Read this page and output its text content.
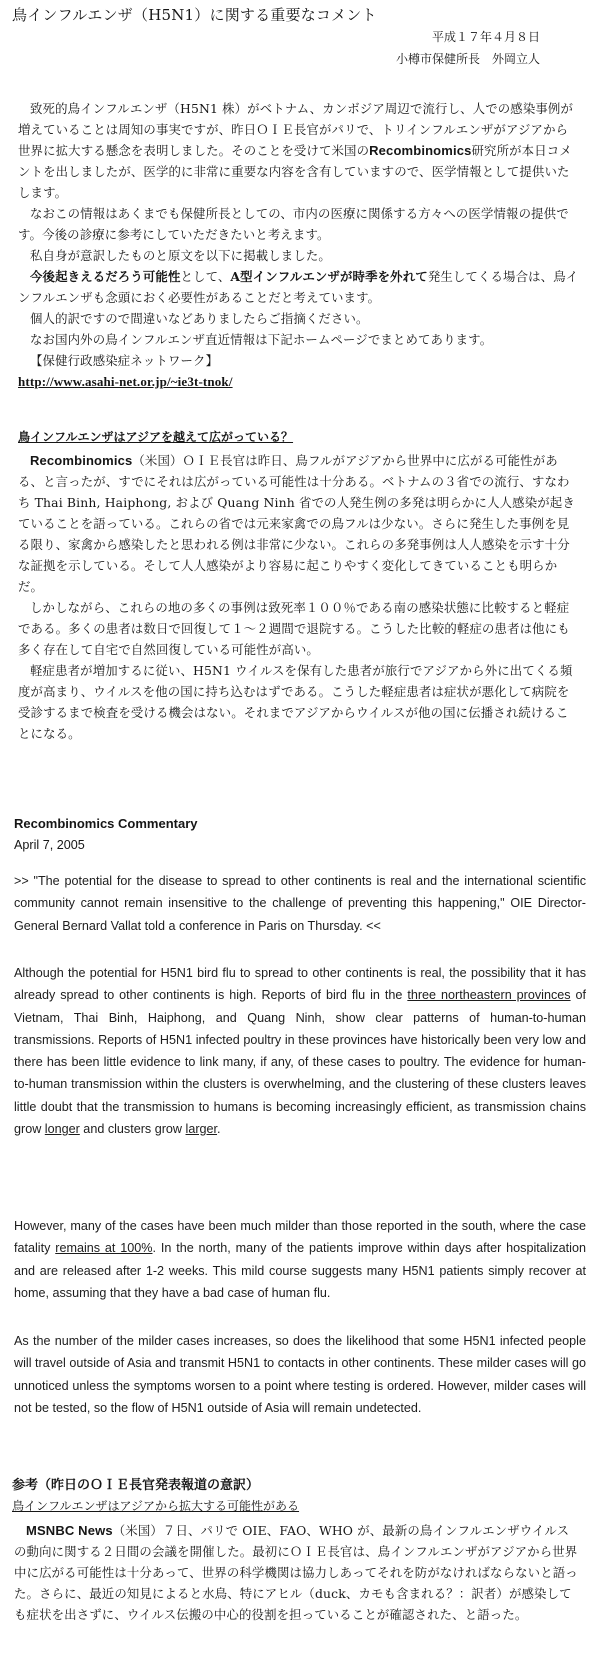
鳥インフルエンザ（H5N1）に関する重要なコメント
平成１７年４月８日
小樽市保健所長　外岡立人

致死的鳥インフルエンザ（H5N1 株）がベトナム、カンボジア周辺で流行し、人での感染事例が増えていることは周知の事実ですが、昨日ＯＩＥ長官がパリで、トリインフルエンザがアジアから世界に拡大する懸念を表明しました。そのことを受けて米国のRecombinomics研究所が本日コメントを出しましたが、医学的に非常に重要な内容を含有していますので、医学情報として提供いたします。

なおこの情報はあくまでも保健所長としての、市内の医療に関係する方々への医学情報の提供です。今後の診療に参考にしていただきたいと考えます。

私自身が意訳したものと原文を以下に掲載しました。

今後起きえるだろう可能性として、A型インフルエンザが時季を外れて発生してくる場合は、鳥インフルエンザも念頭におく必要性があることだと考えています。

個人的訳ですので間違いなどありましたらご指摘ください。

なお国内外の鳥インフルエンザ直近情報は下記ホームページでまとめてあります。

【保健行政感染症ネットワーク】

http://www.asahi-net.or.jp/~ie3t-tnok/

鳥インフルエンザはアジアを越えて広がっている？

Recombinomics（米国）ＯＩＥ長官は昨日、鳥フルがアジアから世界中に広がる可能性がある、と言ったが、すでにそれは広がっている可能性は十分ある。ベトナムの３省での流行、すなわち Thai Binh, Haiphong, および Quang Ninh 省での人発生例の多発は明らかに人人感染が起きていることを語っている。これらの省では元来家禽での鳥フルは少ない。さらに発生した事例を見る限り、家禽から感染したと思われる例は非常に少ない。これらの多発事例は人人感染を示す十分な証拠を示している。そして人人感染がより容易に起こりやすく変化してきていることも明らかだ。

しかしながら、これらの地の多くの事例は致死率１００％である南の感染状態に比較すると軽症である。多くの患者は数日で回復して１～２週間で退院する。こうした比較的軽症の患者は他にも多く存在して自宅で自然回復している可能性が高い。

軽症患者が増加するに従い、H5N1 ウイルスを保有した患者が旅行でアジアから外に出てくる頻度が高まり、ウイルスを他の国に持ち込むはずである。こうした軽症患者は症状が悪化して病院を受診するまで検査を受ける機会はない。それまでアジアからウイルスが他の国に伝播され続けることになる。

Recombinomics Commentary
April 7, 2005

>> "The potential for the disease to spread to other continents is real and the international scientific community cannot remain insensitive to the challenge of preventing this happening," OIE Director-General Bernard Vallat told a conference in Paris on Thursday. <<

Although the potential for H5N1 bird flu to spread to other continents is real, the possibility that it has already spread to other continents is high. Reports of bird flu in the three northeastern provinces of Vietnam, Thai Binh, Haiphong, and Quang Ninh, show clear patterns of human-to-human transmissions. Reports of H5N1 infected poultry in these provinces have historically been very low and there has been little evidence to link many, if any, of these cases to poultry. The evidence for human-to-human transmission within the clusters is overwhelming, and the clustering of these clusters leaves little doubt that the transmission to humans is becoming increasingly efficient, as transmission chains grow longer and clusters grow larger.

However, many of the cases have been much milder than those reported in the south, where the case fatality remains at 100%. In the north, many of the patients improve within days after hospitalization and are released after 1-2 weeks. This mild course suggests many H5N1 patients simply recover at home, assuming that they have a bad case of human flu.

As the number of the milder cases increases, so does the likelihood that some H5N1 infected people will travel outside of Asia and transmit H5N1 to contacts in other continents. These milder cases will go unnoticed unless the symptoms worsen to a point where testing is ordered. However, milder cases will not be tested, so the flow of H5N1 outside of Asia will remain undetected.

参考（昨日のＯＩＥ長官発表報道の意訳）
鳥インフルエンザはアジアから拡大する可能性がある

MSNBC News（米国）７日、パリで OIE、FAO、WHO が、最新の鳥インフルエンザウイルスの動向に関する２日間の会議を開催した。最初にＯＩＥ長官は、鳥インフルエンザがアジアから世界中に広がる可能性は十分あって、世界の科学機関は協力しあってそれを防がなければならないと語った。さらに、最近の知見によると水鳥、特にアヒル（duck、カモも含まれる？：訳者）が感染しても症状を出さずに、ウイルス伝搬の中心的役割を担っていることが確認された、と語った。
